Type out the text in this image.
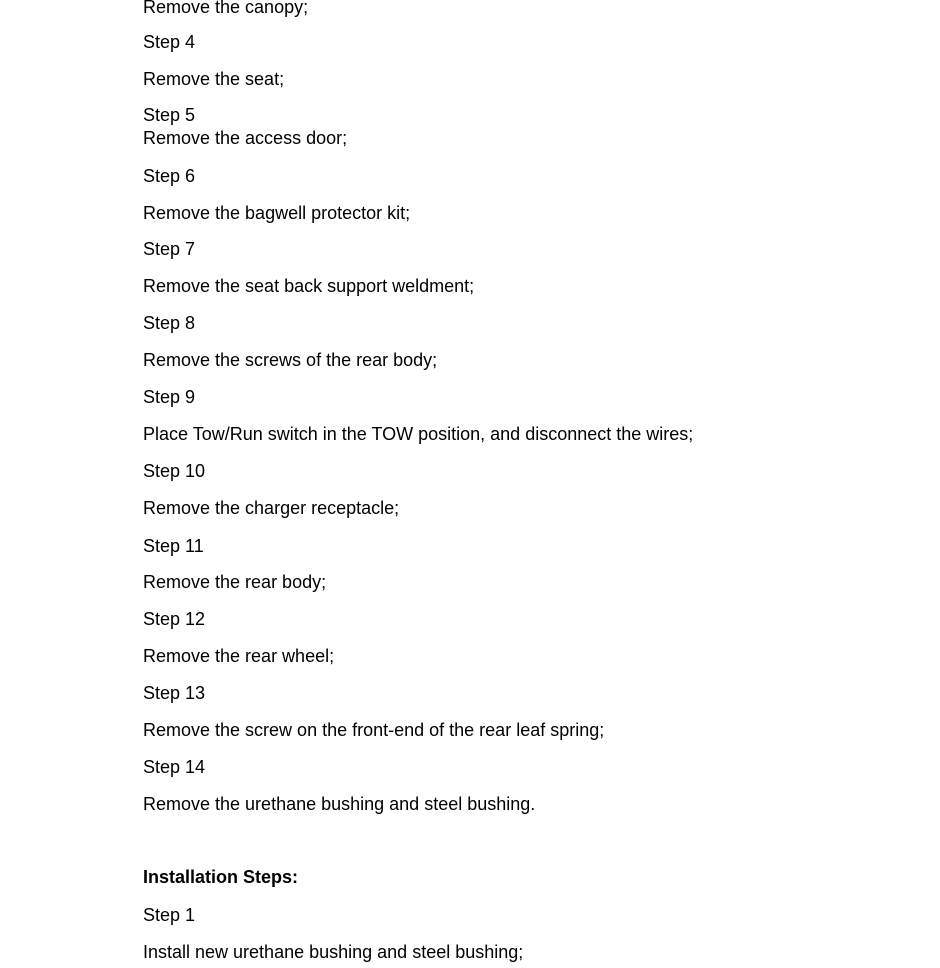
Remove the canopy;

Step 4

Remove the seat;

Step 5

Remove the access door;

Step 6

Remove the bagwell protector kit;

Step 7

Remove the seat back support weldment;

Step 8

Remove the screws of the rear body;

Step 9

Place Tow/Run switch in the TOW position, and disconnect the wires;

Step 10

Remove the charger receptacle;

Step 11

Remove the rear body;

Step 12

Remove the rear wheel;

Step 13

Remove the screw on the front-end of the rear leaf spring;

Step 14

Remove the urethane bushing and steel bushing.

Installation Steps:

Step 1

Install new urethane bushing and steel bushing;
